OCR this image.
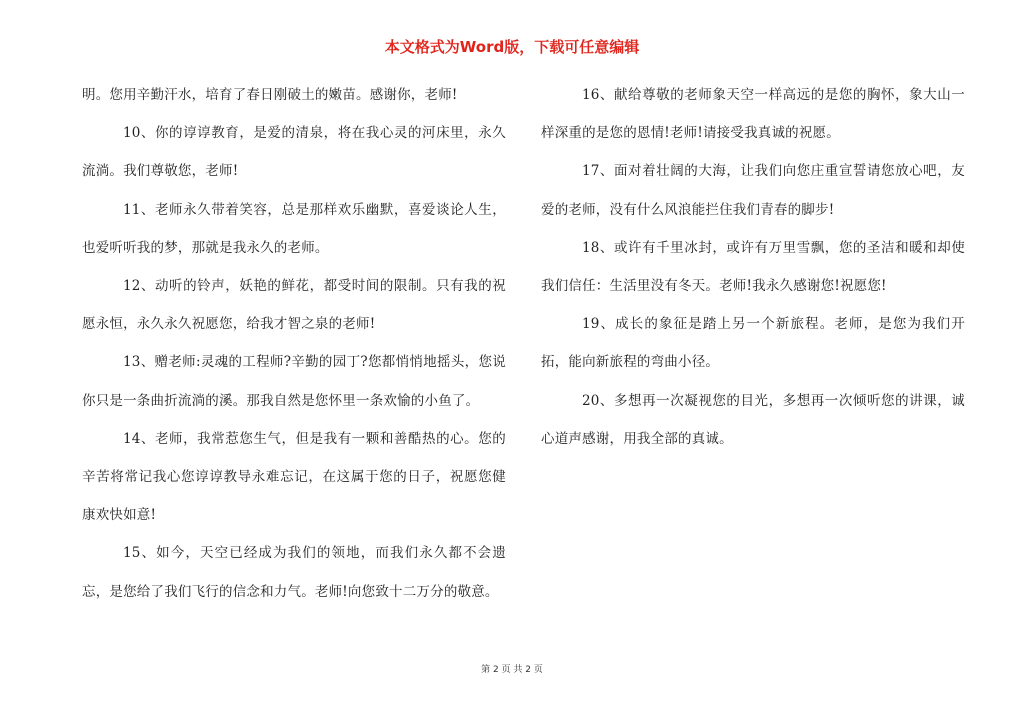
本文格式为Word版，下载可任意编辑

明。您用辛勤汗水，培育了春日刚破土的嫩苗。感谢你，老师!

10、你的谆谆教育，是爱的清泉，将在我心灵的河床里，永久流淌。我们尊敬您，老师!

11、老师永久带着笑容，总是那样欢乐幽默，喜爱谈论人生，也爱听听我的梦，那就是我永久的老师。

12、动听的铃声，妖艳的鲜花，都受时间的限制。只有我的祝愿永恒，永久永久祝愿您，给我才智之泉的老师!

13、赠老师:灵魂的工程师?辛勤的园丁?您都悄悄地摇头，您说你只是一条曲折流淌的溪。那我自然是您怀里一条欢愉的小鱼了。

14、老师，我常惹您生气，但是我有一颗和善酷热的心。您的辛苦将常记我心您谆谆教导永难忘记，在这属于您的日子，祝愿您健康欢快如意!

15、如今，天空已经成为我们的领地，而我们永久都不会遗忘，是您给了我们飞行的信念和力气。老师!向您致十二万分的敬意。

16、献给尊敬的老师象天空一样高远的是您的胸怀，象大山一样深重的是您的恩情!老师!请接受我真诚的祝愿。

17、面对着壮阔的大海，让我们向您庄重宣誓请您放心吧，友爱的老师，没有什么风浪能拦住我们青春的脚步!

18、或许有千里冰封，或许有万里雪飘，您的圣洁和暖和却使我们信任：生活里没有冬天。老师!我永久感谢您!祝愿您!

19、成长的象征是踏上另一个新旅程。老师，是您为我们开拓，能向新旅程的弯曲小径。

20、多想再一次凝视您的目光，多想再一次倾听您的讲课，诚心道声感谢，用我全部的真诚。

第 2 页 共 2 页
